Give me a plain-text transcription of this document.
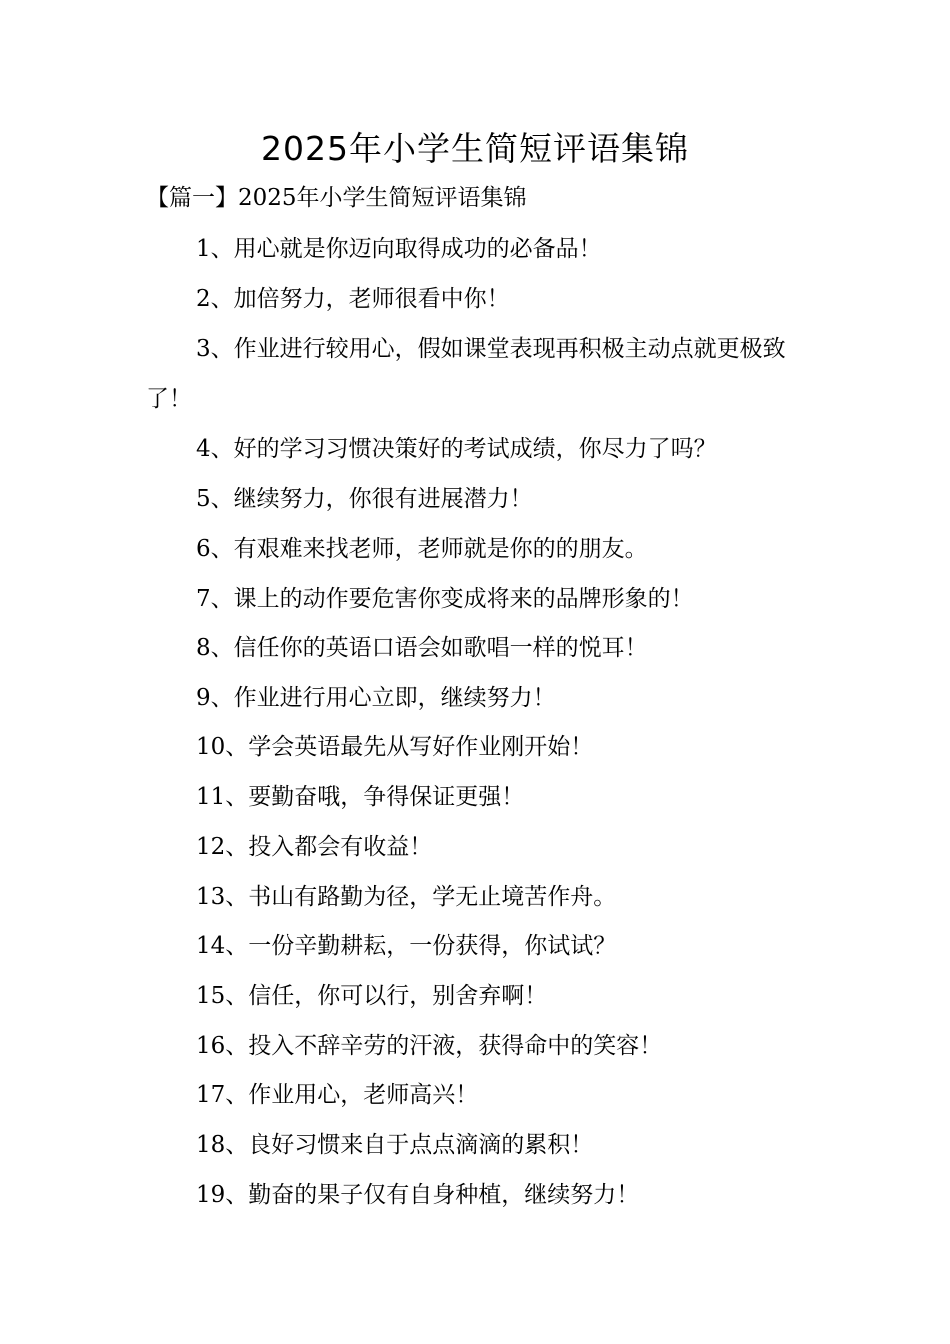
2025年小学生简短评语集锦
【篇一】2025年小学生简短评语集锦
1、用心就是你迈向取得成功的必备品！
2、加倍努力，老师很看中你！
3、作业进行较用心，假如课堂表现再积极主动点就更极致了！
4、好的学习习惯决策好的考试成绩，你尽力了吗？
5、继续努力，你很有进展潜力！
6、有艰难来找老师，老师就是你的的朋友。
7、课上的动作要危害你变成将来的品牌形象的！
8、信任你的英语口语会如歌唱一样的悦耳！
9、作业进行用心立即，继续努力！
10、学会英语最先从写好作业刚开始！
11、要勤奋哦，争得保证更强！
12、投入都会有收益！
13、书山有路勤为径，学无止境苦作舟。
14、一份辛勤耕耘，一份获得，你试试？
15、信任，你可以行，别舍弃啊！
16、投入不辞辛劳的汗液，获得命中的笑容！
17、作业用心，老师高兴！
18、良好习惯来自于点点滴滴的累积！
19、勤奋的果子仅有自身种植，继续努力！
